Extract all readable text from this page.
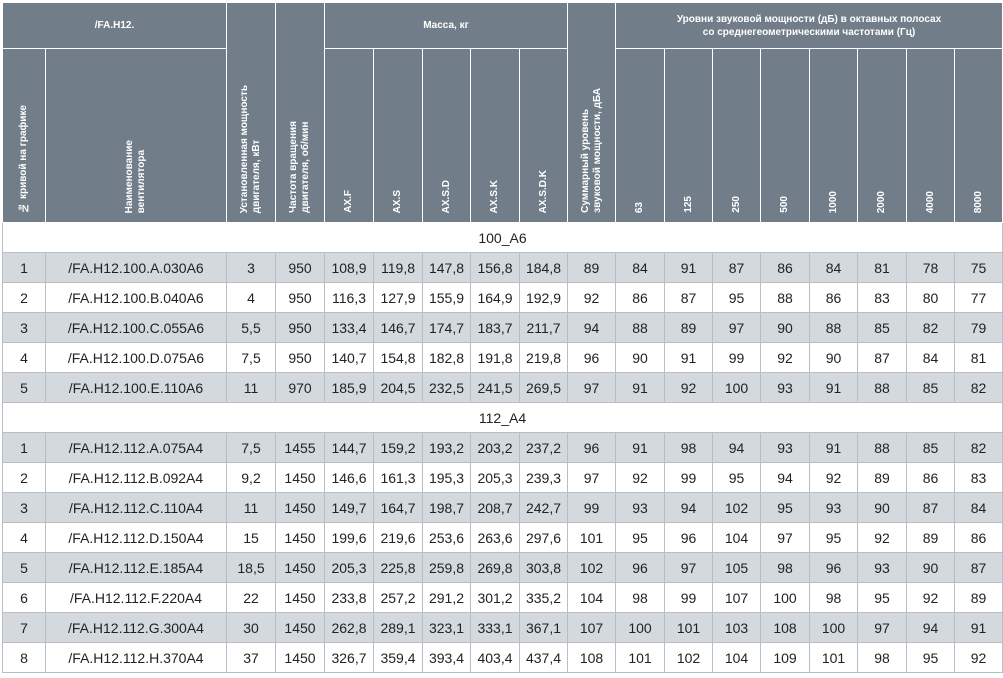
/FA.H12.		Установленная мощность
двигателя, кВт	Частота вращения
двигателя, об/мин	Масса, кг					Суммарный уровень
звуковой мощности, дБА	Уровни звуковой мощности (дБ) в октавных полосах
со среднегеометрическими частотами (Гц)							
№ кривой на графике	Наименование
вентилятора			AX.F	AX.S	AX.S.D	AX.S.K	AX.S.D.K		63	125	250	500	1000	2000	4000	8000
100_A6																	
1	/FA.H12.100.A.030A6	3	950	108,9	119,8	147,8	156,8	184,8	89	84	91	87	86	84	81	78	75
2	/FA.H12.100.B.040A6	4	950	116,3	127,9	155,9	164,9	192,9	92	86	87	95	88	86	83	80	77
3	/FA.H12.100.C.055A6	5,5	950	133,4	146,7	174,7	183,7	211,7	94	88	89	97	90	88	85	82	79
4	/FA.H12.100.D.075A6	7,5	950	140,7	154,8	182,8	191,8	219,8	96	90	91	99	92	90	87	84	81
5	/FA.H12.100.E.110A6	11	970	185,9	204,5	232,5	241,5	269,5	97	91	92	100	93	91	88	85	82
112_A4																	
1	/FA.H12.112.A.075A4	7,5	1455	144,7	159,2	193,2	203,2	237,2	96	91	98	94	93	91	88	85	82
2	/FA.H12.112.B.092A4	9,2	1450	146,6	161,3	195,3	205,3	239,3	97	92	99	95	94	92	89	86	83
3	/FA.H12.112.C.110A4	11	1450	149,7	164,7	198,7	208,7	242,7	99	93	94	102	95	93	90	87	84
4	/FA.H12.112.D.150A4	15	1450	199,6	219,6	253,6	263,6	297,6	101	95	96	104	97	95	92	89	86
5	/FA.H12.112.E.185A4	18,5	1450	205,3	225,8	259,8	269,8	303,8	102	96	97	105	98	96	93	90	87
6	/FA.H12.112.F.220A4	22	1450	233,8	257,2	291,2	301,2	335,2	104	98	99	107	100	98	95	92	89
7	/FA.H12.112.G.300A4	30	1450	262,8	289,1	323,1	333,1	367,1	107	100	101	103	108	100	97	94	91
8	/FA.H12.112.H.370A4	37	1450	326,7	359,4	393,4	403,4	437,4	108	101	102	104	109	101	98	95	92
